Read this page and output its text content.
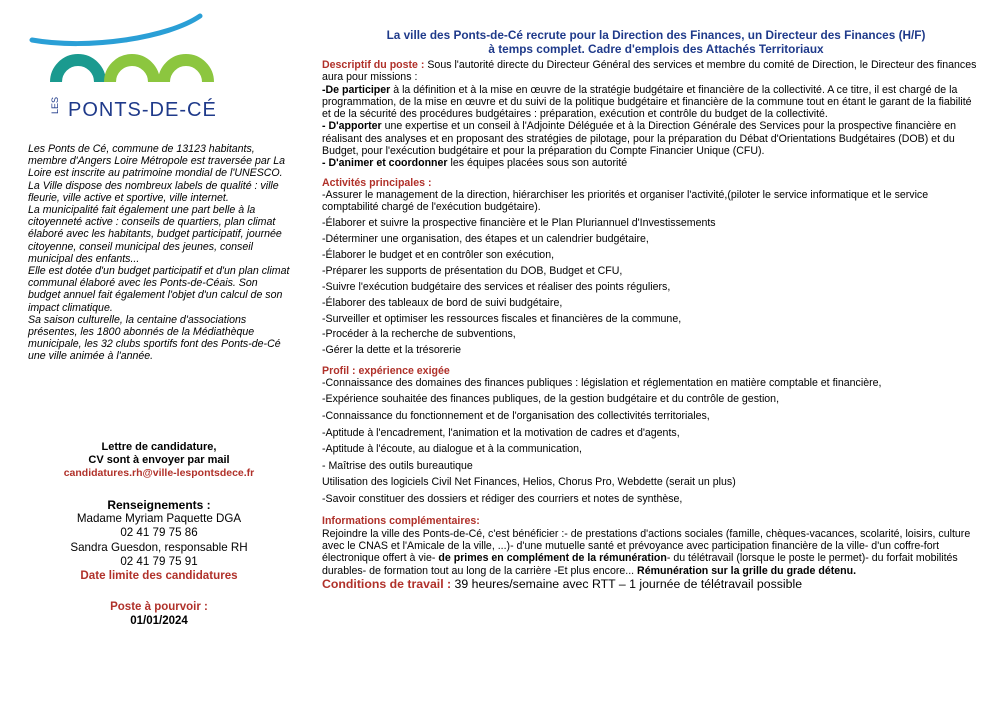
LES PONTS-DE-CÉ

Les Ponts de Cé, commune de 13123 habitants, membre d'Angers Loire Métropole est traversée par La Loire est inscrite au patrimoine mondial de l'UNESCO.

La Ville dispose des nombreux labels de qualité : ville fleurie, ville active et sportive, ville internet.

La municipalité fait également une part belle à la citoyenneté active : conseils de quartiers, plan climat élaboré avec les habitants, budget participatif, journée citoyenne, conseil municipal des jeunes, conseil municipal des enfants...

Elle est dotée d'un budget participatif et d'un plan climat communal élaboré avec les Ponts-de-Céais. Son budget annuel fait également l'objet d'un calcul de son impact climatique.

Sa saison culturelle, la centaine d'associations présentes, les 1800 abonnés de la Médiathèque municipale, les 32 clubs sportifs font des Ponts-de-Cé une ville animée à l'année.

Lettre de candidature,
CV sont à envoyer par mail
candidatures.rh@ville-lespontsdece.fr
Renseignements :
Madame Myriam Paquette DGA
02 41 79 75 86
Sandra Guesdon, responsable RH
02 41 79 75 91
Date limite des candidatures
Poste à pourvoir :
01/01/2024
La ville des Ponts-de-Cé recrute pour la Direction des Finances, un Directeur des Finances (H/F)
à temps complet. Cadre d'emplois des Attachés Territoriaux

Descriptif du poste : Sous l'autorité directe du Directeur Général des services et membre du comité de Direction, le Directeur des finances aura pour missions :

-De participer à la définition et à la mise en œuvre de la stratégie budgétaire et financière de la collectivité. A ce titre, il est chargé de la programmation, de la mise en œuvre et du suivi de la politique budgétaire et financière de la commune tout en étant le garant de la fiabilité et de la sécurité des procédures budgétaires : préparation, exécution et contrôle du budget de la collectivité.

- D'apporter une expertise et un conseil à l'Adjointe Déléguée et à la Direction Générale des Services pour la prospective financière en réalisant des analyses et en proposant des stratégies de pilotage, pour la préparation du Débat d'Orientations Budgétaires (DOB) et du Budget, pour l'exécution budgétaire et pour la préparation du Compte Financier Unique (CFU).

- D'animer et coordonner les équipes placées sous son autorité

Activités principales :

-Assurer le management de la direction, hiérarchiser les priorités et organiser l'activité,(piloter le service informatique et le service comptabilité chargé de l'exécution budgétaire).

-Élaborer et suivre la prospective financière et le Plan Pluriannuel d'Investissements

-Déterminer une organisation, des étapes et un calendrier budgétaire,

-Élaborer le budget et en contrôler son exécution,

-Préparer les supports de présentation du DOB, Budget et CFU,

-Suivre l'exécution budgétaire des services et réaliser des points réguliers,

-Élaborer des tableaux de bord de suivi budgétaire,

-Surveiller et optimiser les ressources fiscales et financières de la commune,

-Procéder à la recherche de subventions,

-Gérer la dette et la trésorerie

Profil : expérience exigée

-Connaissance des domaines des finances publiques : législation et réglementation en matière comptable et financière,

-Expérience souhaitée des finances publiques, de la gestion budgétaire et du contrôle de gestion,

-Connaissance du fonctionnement et de l'organisation des collectivités territoriales,

-Aptitude à l'encadrement, l'animation et la motivation de cadres et d'agents,

-Aptitude à l'écoute, au dialogue et à la communication,

- Maîtrise des outils bureautique

Utilisation des logiciels Civil Net Finances, Helios, Chorus Pro, Webdette (serait un plus)

-Savoir constituer des dossiers et rédiger des courriers et notes de synthèse,

Informations complémentaires:

Rejoindre la ville des Ponts-de-Cé, c'est bénéficier :- de prestations d'actions sociales (famille, chèques-vacances, scolarité, loisirs, culture avec le CNAS et l'Amicale de la ville, ...)- d'une mutuelle santé et prévoyance avec participation financière de la ville- d'un coffre-fort électronique offert à vie- de primes en complément de la rémunération- du télétravail (lorsque le poste le permet)- du forfait mobilités durables- de formation tout au long de la carrière -Et plus encore... Rémunération sur la grille du grade détenu.

Conditions de travail : 39 heures/semaine avec RTT – 1 journée de télétravail possible
